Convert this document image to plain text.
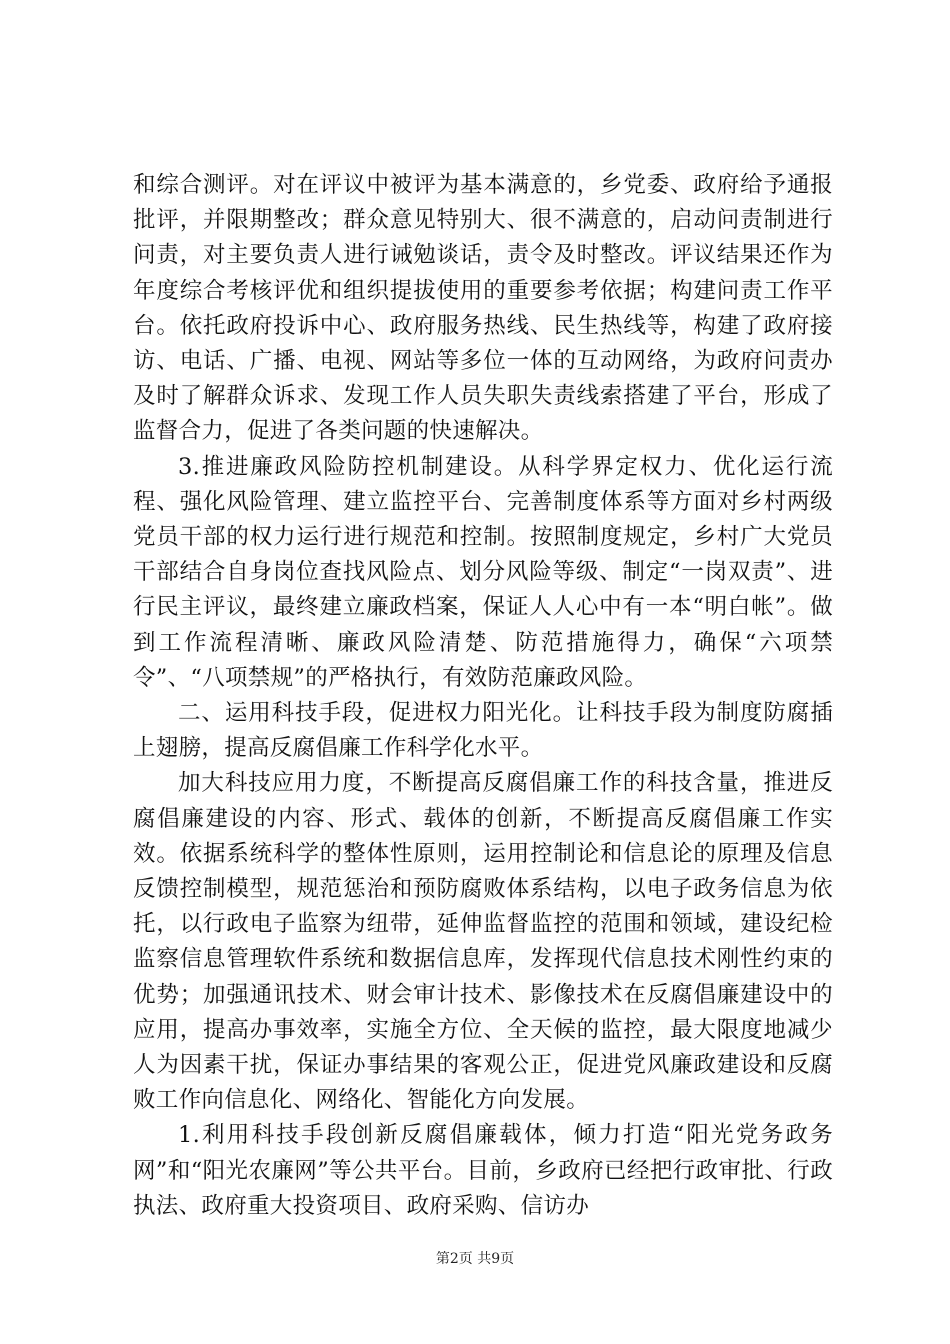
和综合测评。对在评议中被评为基本满意的，乡党委、政府给予通报批评，并限期整改；群众意见特别大、很不满意的，启动问责制进行问责，对主要负责人进行诫勉谈话，责令及时整改。评议结果还作为年度综合考核评优和组织提拔使用的重要参考依据；构建问责工作平台。依托政府投诉中心、政府服务热线、民生热线等，构建了政府接访、电话、广播、电视、网站等多位一体的互动网络，为政府问责办及时了解群众诉求、发现工作人员失职失责线索搭建了平台，形成了监督合力，促进了各类问题的快速解决。

3.推进廉政风险防控机制建设。从科学界定权力、优化运行流程、强化风险管理、建立监控平台、完善制度体系等方面对乡村两级党员干部的权力运行进行规范和控制。按照制度规定，乡村广大党员干部结合自身岗位查找风险点、划分风险等级、制定“一岗双责”、进行民主评议，最终建立廉政档案，保证人人心中有一本“明白帐”。做到工作流程清晰、廉政风险清楚、防范措施得力，确保“六项禁令”、“八项禁规”的严格执行，有效防范廉政风险。

二、运用科技手段，促进权力阳光化。让科技手段为制度防腐插上翅膀，提高反腐倡廉工作科学化水平。

加大科技应用力度，不断提高反腐倡廉工作的科技含量，推进反腐倡廉建设的内容、形式、载体的创新，不断提高反腐倡廉工作实效。依据系统科学的整体性原则，运用控制论和信息论的原理及信息反馈控制模型，规范惩治和预防腐败体系结构，以电子政务信息为依托，以行政电子监察为纽带，延伸监督监控的范围和领域，建设纪检监察信息管理软件系统和数据信息库，发挥现代信息技术刚性约束的优势；加强通讯技术、财会审计技术、影像技术在反腐倡廉建设中的应用，提高办事效率，实施全方位、全天候的监控，最大限度地减少人为因素干扰，保证办事结果的客观公正，促进党风廉政建设和反腐败工作向信息化、网络化、智能化方向发展。

1.利用科技手段创新反腐倡廉载体，倾力打造“阳光党务政务网”和“阳光农廉网”等公共平台。目前，乡政府已经把行政审批、行政执法、政府重大投资项目、政府采购、信访办

第2页 共9页
